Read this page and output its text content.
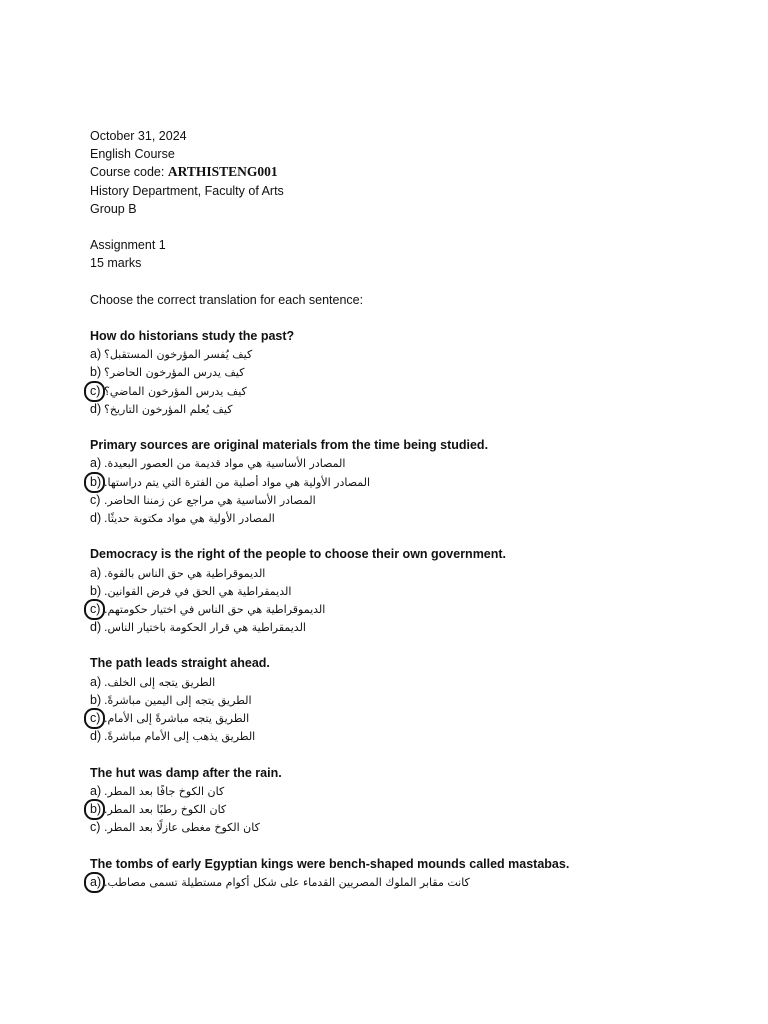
October 31, 2024
English Course
Course code: ARTHISTENG001
History Department, Faculty of Arts
Group B
Assignment 1
15 marks
Choose the correct translation for each sentence:
How do historians study the past?
a) كيف يُفسر المؤرخون المستقبل؟
b) كيف يدرس المؤرخون الحاضر؟
c) كيف يدرس المؤرخون الماضي؟
d) كيف يُعلم المؤرخون التاريخ؟
Primary sources are original materials from the time being studied.
a) المصادر الأساسية هي مواد قديمة من العصور البعيدة.
b) المصادر الأولية هي مواد أصلية من الفترة التي يتم دراستها.
c) المصادر الأساسية هي مراجع عن زمننا الحاضر.
d) المصادر الأولية هي مواد مكتوبة حديثًا.
Democracy is the right of the people to choose their own government.
a) الديموقراطية هي حق الناس بالقوة.
b) الديمقراطية هي الحق في فرض القوانين.
c) الديموقراطية هي حق الناس في اختيار حكومتهم.
d) الديمقراطية هي قرار الحكومة باختيار الناس.
The path leads straight ahead.
a) الطريق يتجه إلى الخلف.
b) الطريق يتجه إلى اليمين مباشرةً.
c) الطريق يتجه مباشرةً إلى الأمام.
d) الطريق يذهب إلى الأمام مباشرةً.
The hut was damp after the rain.
a) كان الكوخ جافًا بعد المطر.
b) كان الكوخ رطبًا بعد المطر.
c) كان الكوخ مغطى عازلًا بعد المطر.
The tombs of early Egyptian kings were bench-shaped mounds called mastabas.
a) كانت مقابر الملوك المصريين القدماء على شكل أكوام مستطيلة تسمى مصاطب.
